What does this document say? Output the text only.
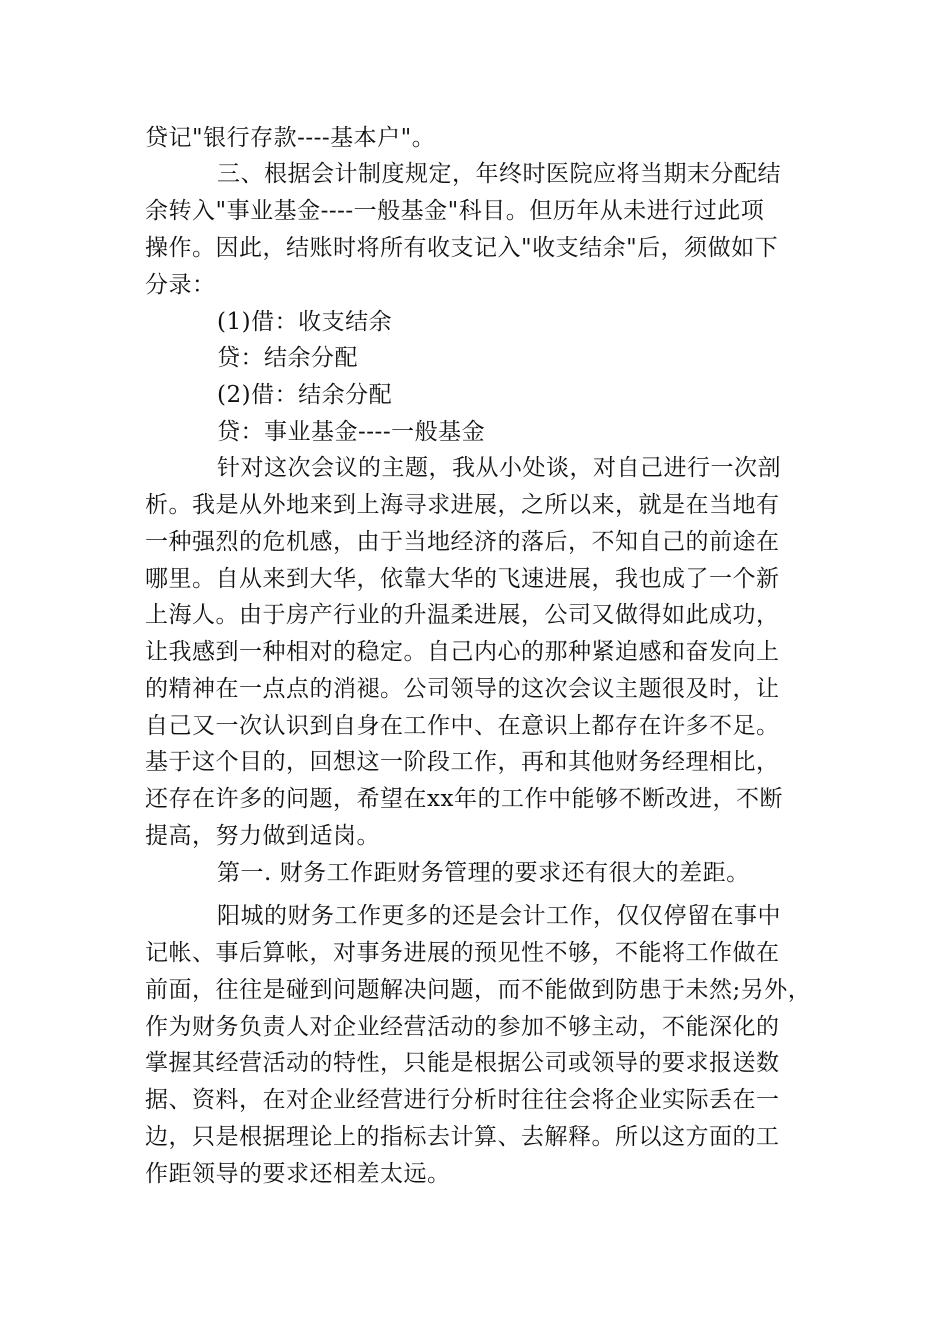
贷记"银行存款----基本户"。
三、根据会计制度规定，年终时医院应将当期末分配结
余转入"事业基金----一般基金"科目。但历年从未进行过此项
操作。因此，结账时将所有收支记入"收支结余"后，须做如下
分录：
(1)借：收支结余
贷：结余分配
(2)借：结余分配
贷：事业基金----一般基金
针对这次会议的主题，我从小处谈，对自己进行一次剖
析。我是从外地来到上海寻求进展，之所以来，就是在当地有
一种强烈的危机感，由于当地经济的落后，不知自己的前途在
哪里。自从来到大华，依靠大华的飞速进展，我也成了一个新
上海人。由于房产行业的升温柔进展，公司又做得如此成功，
让我感到一种相对的稳定。自己内心的那种紧迫感和奋发向上
的精神在一点点的消褪。公司领导的这次会议主题很及时，让
自己又一次认识到自身在工作中、在意识上都存在许多不足。
基于这个目的，回想这一阶段工作，再和其他财务经理相比，
还存在许多的问题，希望在xx年的工作中能够不断改进，不断
提高，努力做到适岗。
第一. 财务工作距财务管理的要求还有很大的差距。
阳城的财务工作更多的还是会计工作，仅仅停留在事中
记帐、事后算帐，对事务进展的预见性不够，不能将工作做在
前面，往往是碰到问题解决问题，而不能做到防患于未然;另外，
作为财务负责人对企业经营活动的参加不够主动，不能深化的
掌握其经营活动的特性，只能是根据公司或领导的要求报送数
据、资料，在对企业经营进行分析时往往会将企业实际丢在一
边，只是根据理论上的指标去计算、去解释。所以这方面的工
作距领导的要求还相差太远。
